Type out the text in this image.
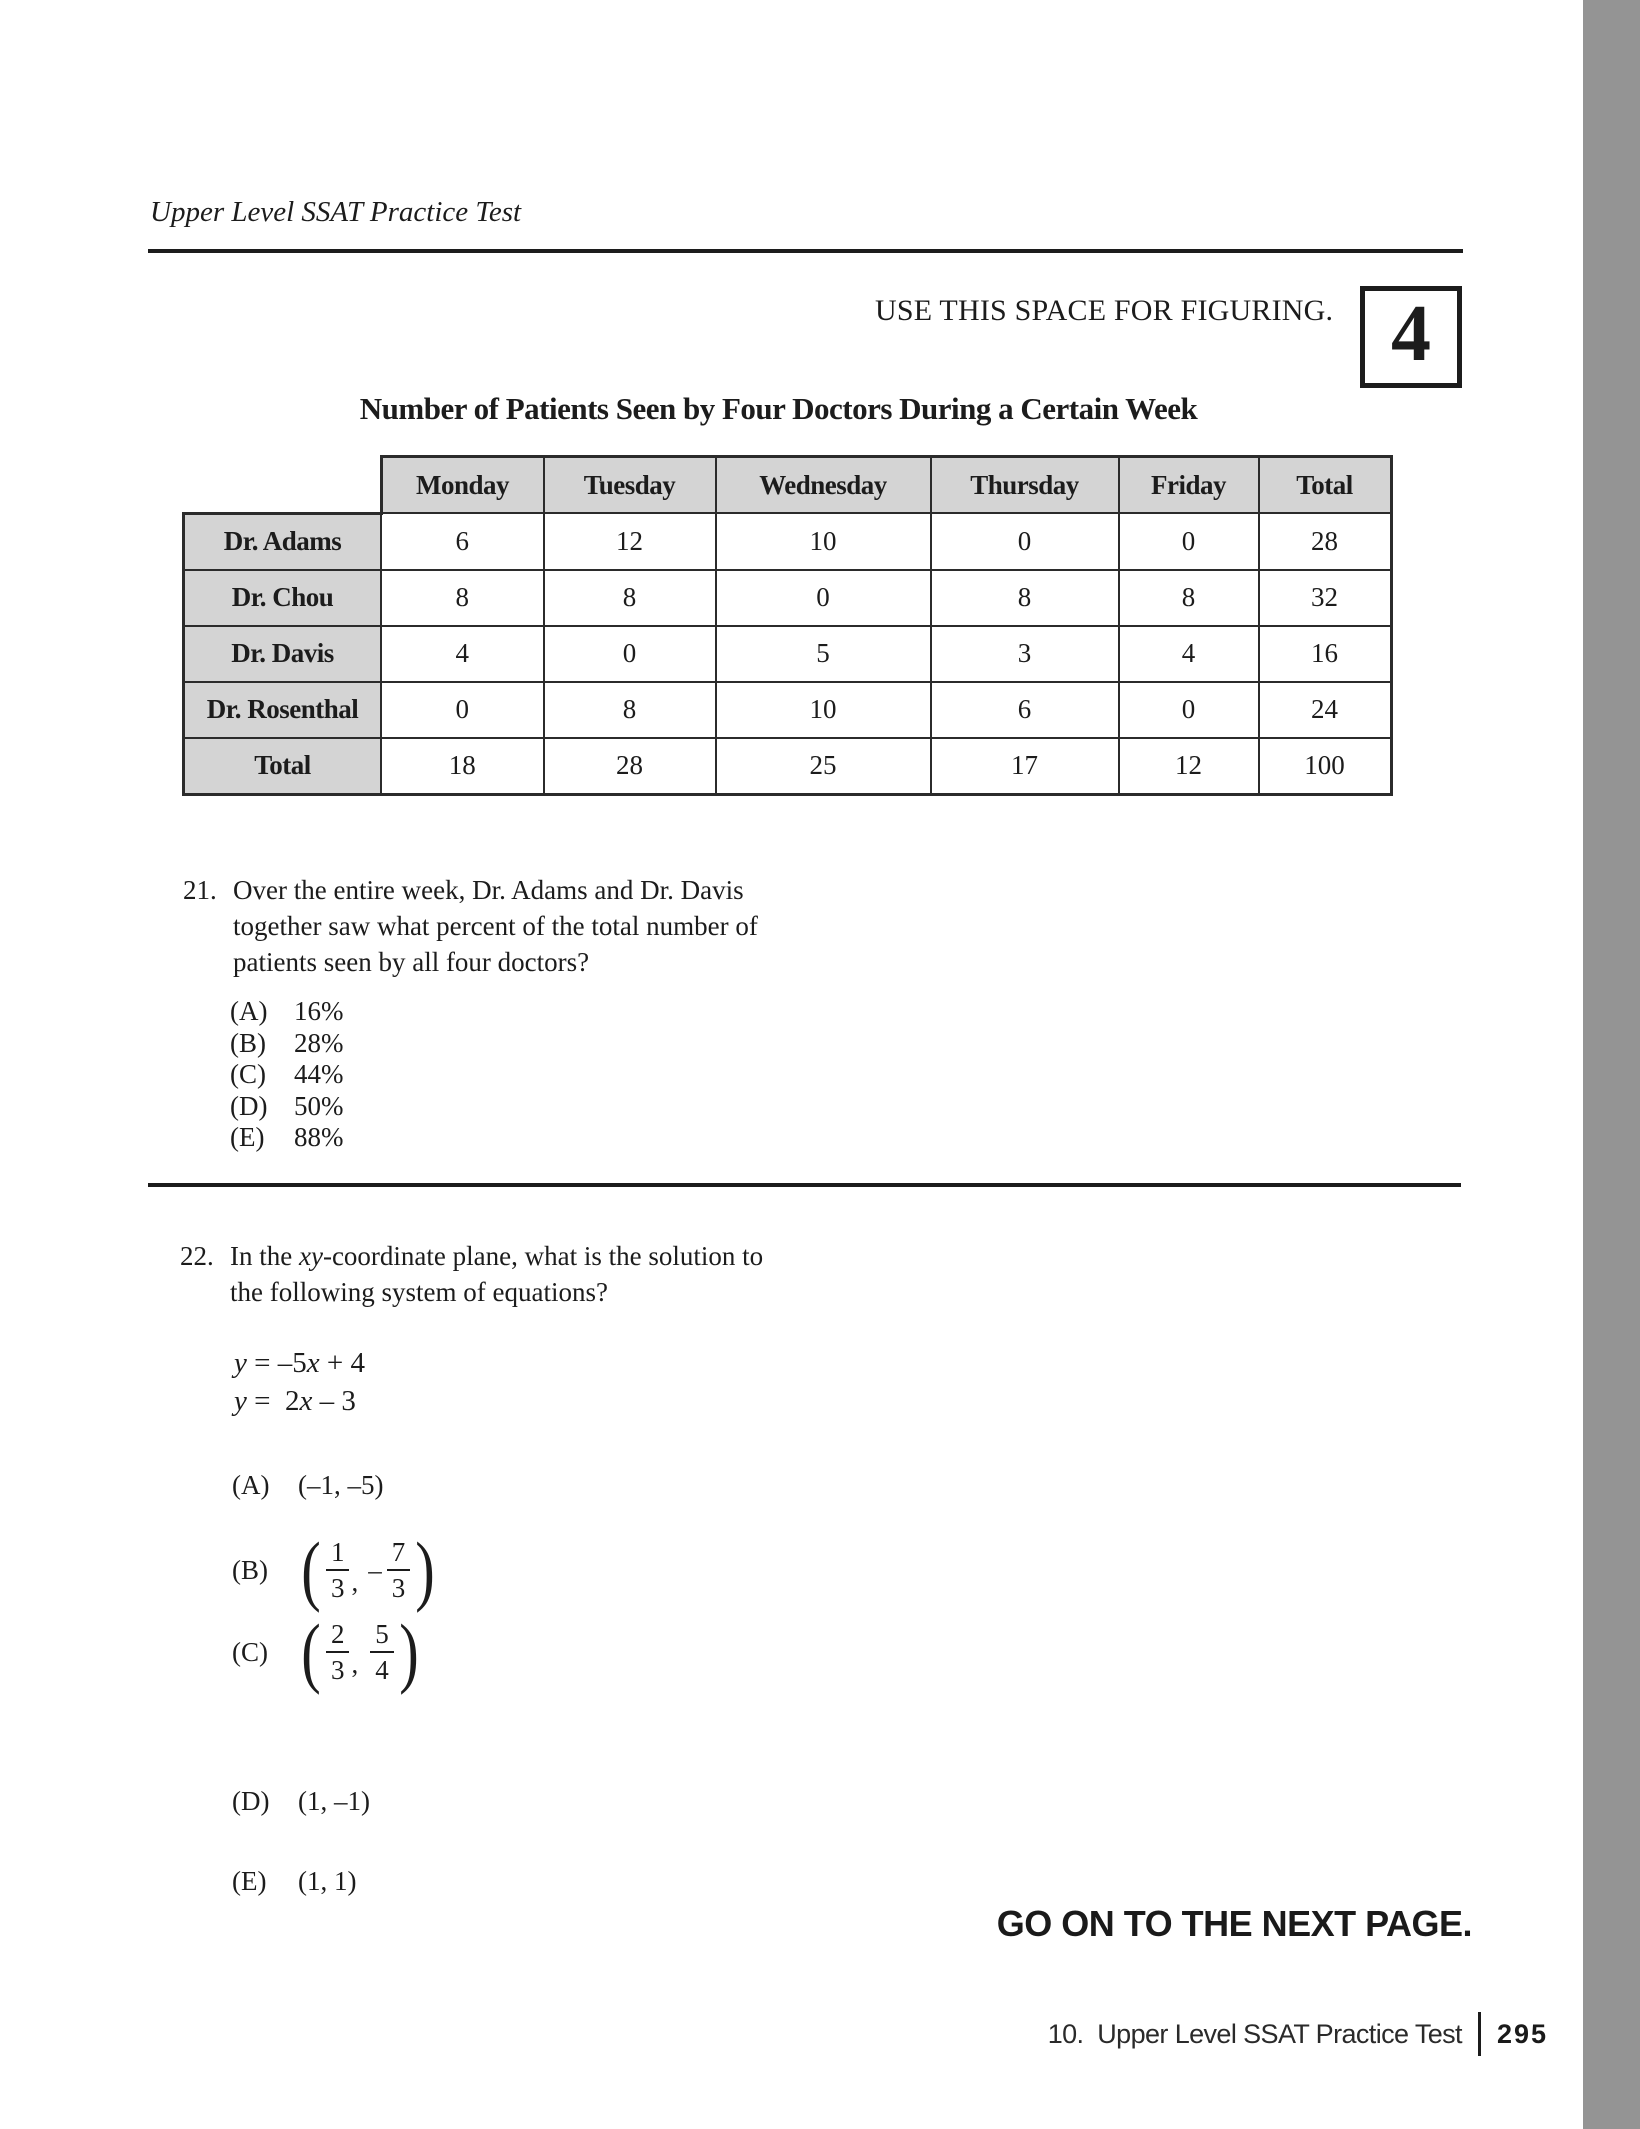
Upper Level SSAT Practice Test
USE THIS SPACE FOR FIGURING. 4
Number of Patients Seen by Four Doctors During a Certain Week
	Monday	Tuesday	Wednesday	Thursday	Friday	Total
Dr. Adams	6	12	10	0	0	28
Dr. Chou	8	8	0	8	8	32
Dr. Davis	4	0	5	3	4	16
Dr. Rosenthal	0	8	10	6	0	24
Total	18	28	25	17	12	100
21. Over the entire week, Dr. Adams and Dr. Davis
together saw what percent of the total number of
patients seen by all four doctors?
(A) 16%
(B)	28%
(C)	44%
(D) 50%
(E)	88%
22. In the xy-coordinate plane, what is the solution to
the following system of equations?
y = –5x + 4
y =  2x – 3
(A)	(–1, –5)
(B) ( $\frac{1}{3}$ , – $\frac{7}{3}$ )
(C) ( $\frac{2}{3}$ , $\frac{5}{4}$ )
(D)	(1, –1)
(E)	(1, 1)
GO ON TO THE NEXT PAGE.
10.  Upper Level SSAT Practice Test 295
